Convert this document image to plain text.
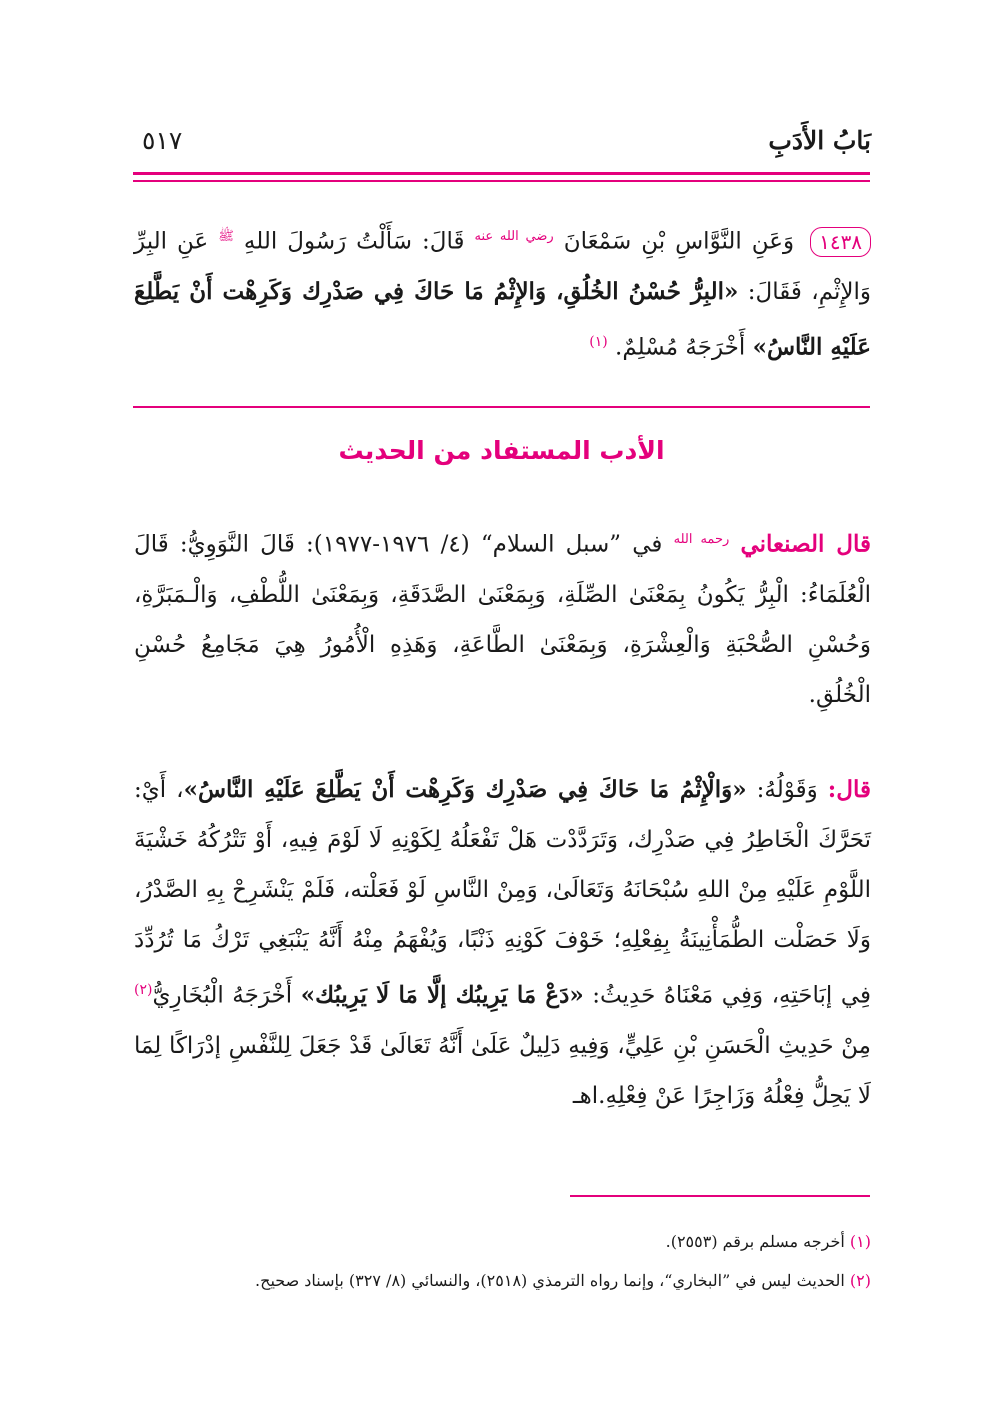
بَابُ الأَدَبِ
٥١٧

١٤٣٨ وَعَنِ النَّوَّاسِ بْنِ سَمْعَانَ $^{رضي الله عنه}$ قَالَ: سَأَلْتُ رَسُولَ اللهِ $^ﷺ$ عَنِ البِرِّ وَالإِثْمِ، فَقَالَ: «البِرُّ حُسْنُ الخُلُقِ، وَالإِثْمُ مَا حَاكَ فِي صَدْرِك وَكَرِهْت أَنْ يَطَّلِعَ عَلَيْهِ النَّاسُ» أَخْرَجَهُ مُسْلِمٌ. $^{(١)}$

الأدب المستفاد من الحديث

قال الصنعاني $^{رحمه الله}$ في ”سبل السلام“ (٤/ ١٩٧٦-١٩٧٧): قَالَ النَّوَوِيُّ: قَالَ الْعُلَمَاءُ: الْبِرُّ يَكُونُ بِمَعْنَىٰ الصِّلَةِ، وَبِمَعْنَىٰ الصَّدَقَةِ، وَبِمَعْنَىٰ اللُّطْفِ، وَالْـمَبَرَّةِ، وَحُسْنِ الصُّحْبَةِ وَالْعِشْرَةِ، وَبِمَعْنَىٰ الطَّاعَةِ، وَهَذِهِ الْأُمُورُ هِيَ مَجَامِعُ حُسْنِ الْخُلُقِ.

قال: وَقَوْلُهُ: «وَالْإِثْمُ مَا حَاكَ فِي صَدْرِك وَكَرِهْت أَنْ يَطَّلِعَ عَلَيْهِ النَّاسُ»، أَيْ: تَحَرَّكَ الْخَاطِرُ فِي صَدْرِك، وَتَرَدَّدْت هَلْ تَفْعَلُهُ لِكَوْنِهِ لَا لَوْمَ فِيهِ، أَوْ تَتْرُكُهُ خَشْيَةَ اللَّوْمِ عَلَيْهِ مِنْ اللهِ سُبْحَانَهُ وَتَعَالَىٰ، وَمِنْ النَّاسِ لَوْ فَعَلْته، فَلَمْ يَنْشَرِحْ بِهِ الصَّدْرُ، وَلَا حَصَلْت الطُّمَأْنِينَةُ بِفِعْلِهِ؛ خَوْفَ كَوْنِهِ ذَنْبًا، وَيُفْهَمُ مِنْهُ أَنَّهُ يَنْبَغِي تَرْكُ مَا تُرُدِّدَ فِي إبَاحَتِهِ، وَفِي مَعْنَاهُ حَدِيثُ: «دَعْ مَا يَرِيبُك إلَّا مَا لَا يَرِيبُك» أَخْرَجَهُ الْبُخَارِيُّ$^{(٢)}$ مِنْ حَدِيثِ الْحَسَنِ بْنِ عَلِيٍّ، وَفِيهِ دَلِيلٌ عَلَىٰ أَنَّهُ تَعَالَىٰ قَدْ جَعَلَ لِلنَّفْسِ إدْرَاكًا لِمَا لَا يَحِلُّ فِعْلُهُ وَزَاجِرًا عَنْ فِعْلِهِ.اهـ

(١) أخرجه مسلم برقم (٢٥٥٣).
(٢) الحديث ليس في ”البخاري“، وإنما رواه الترمذي (٢٥١٨)، والنسائي (٨/ ٣٢٧) بإسناد صحيح.
